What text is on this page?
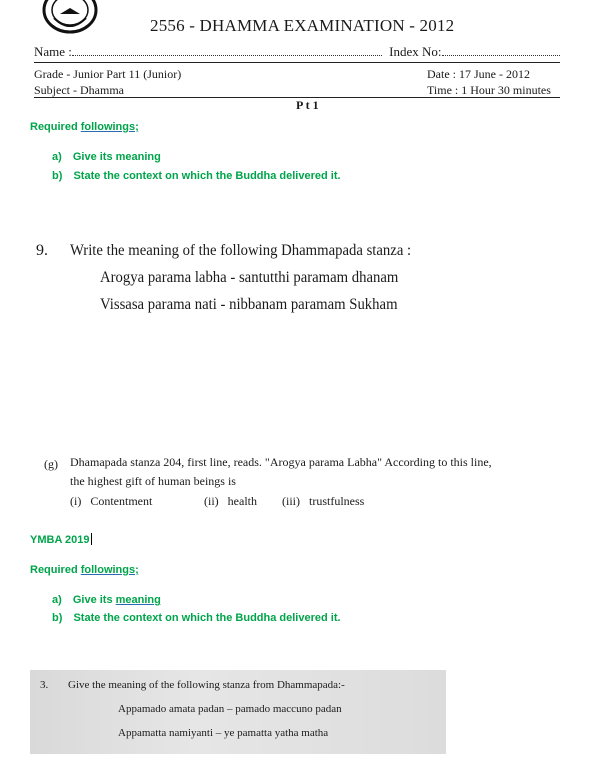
2556 - DHAMMA EXAMINATION - 2012
Name :	Index No:
Grade - Junior Part 11 (Junior)	Date : 17 June - 2012
Subject - Dhamma	Time : 1 Hour 30 minutes
P t 1
Required followings;
a) Give its meaning
b) State the context on which the Buddha delivered it.
9. Write the meaning of the following Dhammapada stanza :
Arogya parama labha - santutthi paramam dhanam
Vissasa parama nati - nibbanam paramam Sukham
(g) Dhamapada stanza 204, first line, reads. "Arogya parama Labha" According to this line,
the highest gift of human beings is
(i) Contentment	(ii) health (iii) trustfulness
YMBA 2019
Required followings;
a) Give its meaning
b) State the context on which the Buddha delivered it.
3. Give the meaning of the following stanza from Dhammapada:-
Appamado amata padan – pamado maccuno padan
Appamatta namiyanti – ye pamatta yatha matha
